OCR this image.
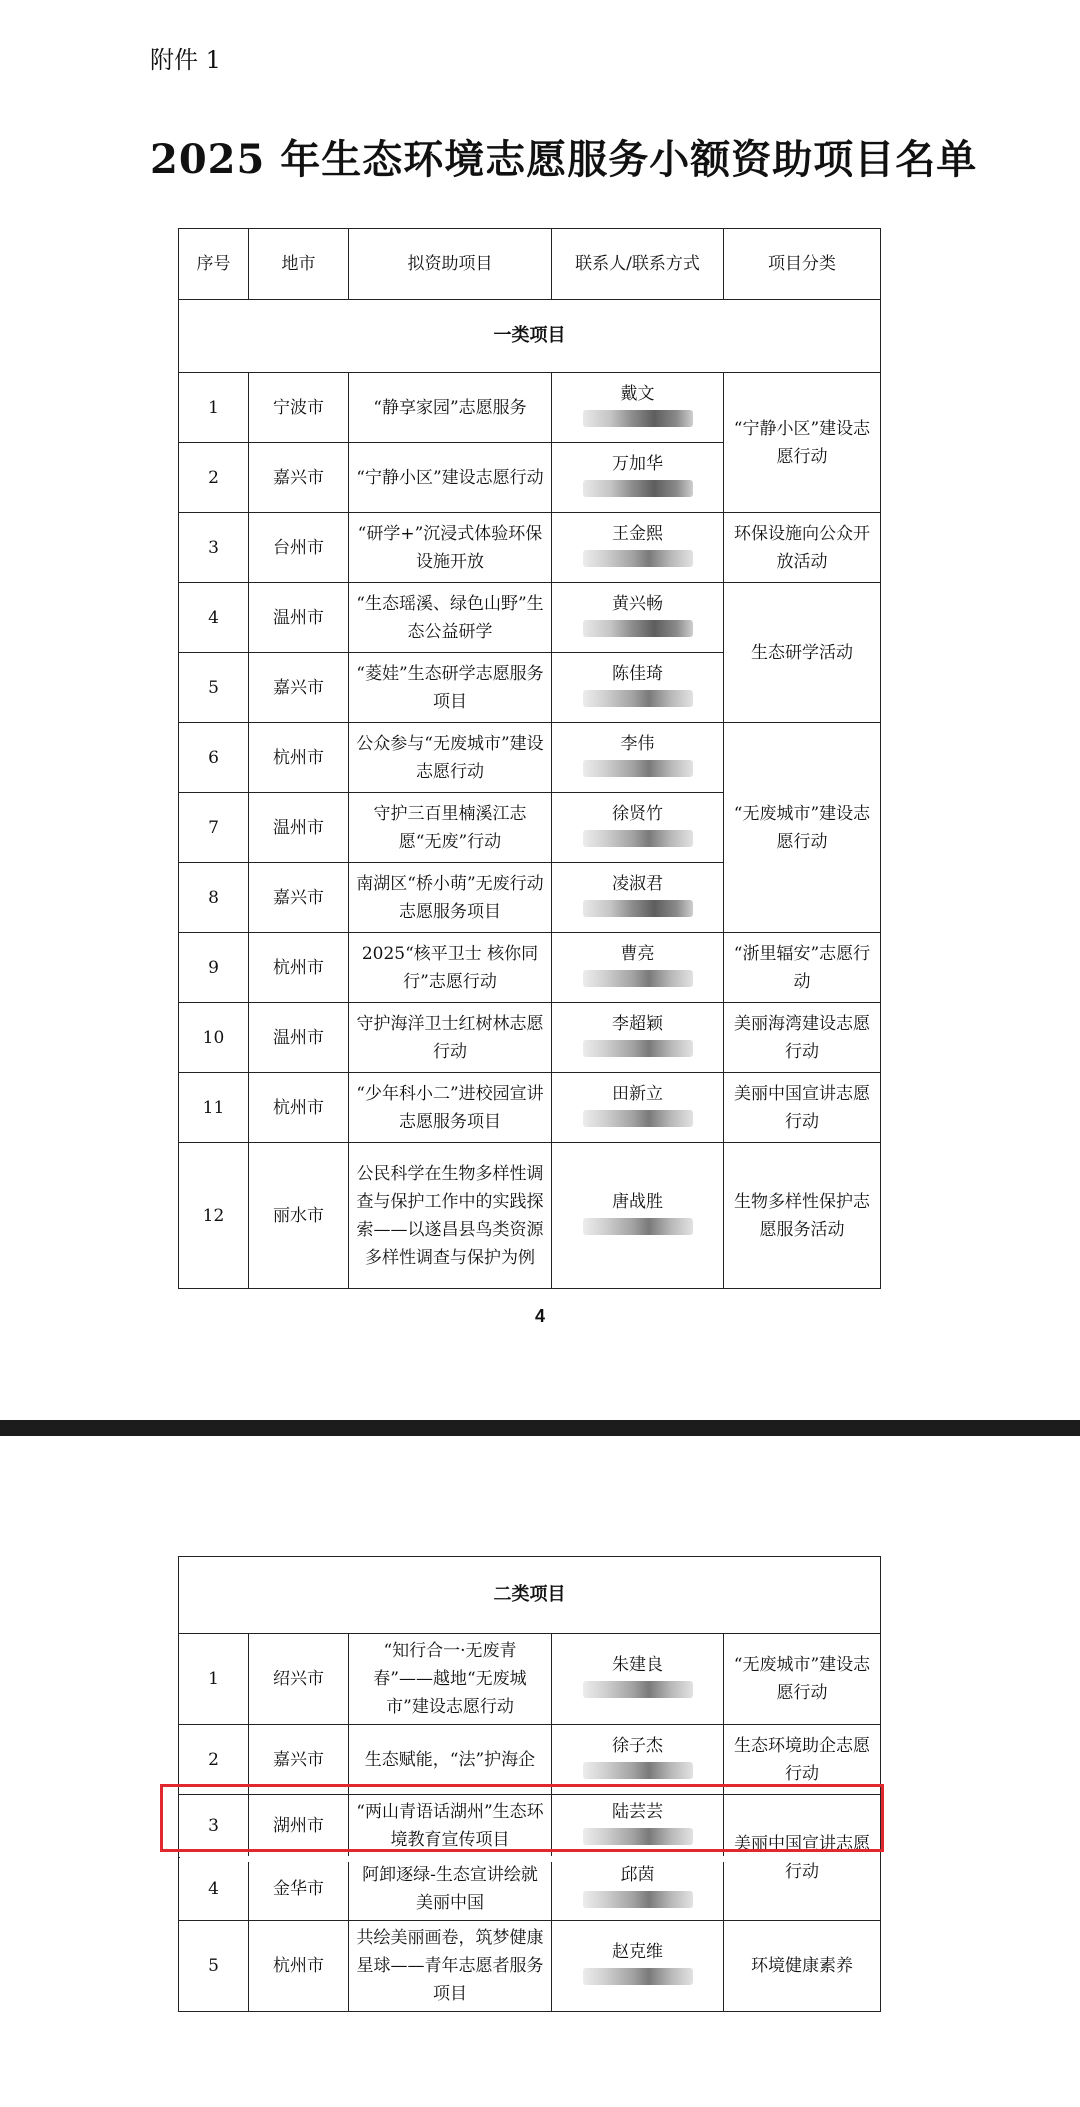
附件 1
2025 年生态环境志愿服务小额资助项目名单
序号	地市	拟资助项目	联系人/联系方式	项目分类
一类项目				
1	宁波市	“静享家园”志愿服务	戴文	“宁静小区”建设志愿行动
2	嘉兴市	“宁静小区”建设志愿行动	万加华	

3	台州市	“研学+”沉浸式体验环保设施开放	王金熙	环保设施向公众开放活动
4	温州市	“生态瑶溪、绿色山野”生态公益研学	黄兴畅	生态研学活动
5	嘉兴市	“菱娃”生态研学志愿服务项目	陈佳琦	

6	杭州市	公众参与“无废城市”建设志愿行动	李伟	“无废城市”建设志愿行动
7	温州市	守护三百里楠溪江志愿“无废”行动	徐贤竹	

8	嘉兴市	南湖区“桥小萌”无废行动志愿服务项目	凌淑君	

9	杭州市	2025“核平卫士 核你同行”志愿行动	曹亮	“浙里辐安”志愿行动
10	温州市	守护海洋卫士红树林志愿行动	李超颖	美丽海湾建设志愿行动
11	杭州市	“少年科小二”进校园宣讲志愿服务项目	田新立	美丽中国宣讲志愿行动
12	丽水市	公民科学在生物多样性调查与保护工作中的实践探索——以遂昌县鸟类资源多样性调查与保护为例	唐战胜	生物多样性保护志愿服务活动
4
二类项目				
1	绍兴市	“知行合一·无废青春”——越地“无废城市”建设志愿行动	朱建良	“无废城市”建设志愿行动
2	嘉兴市	生态赋能，“法”护海企	徐子杰	生态环境助企志愿行动
3	湖州市	“两山青语话湖州”生态环境教育宣传项目	陆芸芸	美丽中国宣讲志愿行动
4	金华市	阿卸逐绿-生态宣讲绘就美丽中国	邱茵	

5	杭州市	共绘美丽画卷，筑梦健康星球——青年志愿者服务项目	赵克维	环境健康素养
